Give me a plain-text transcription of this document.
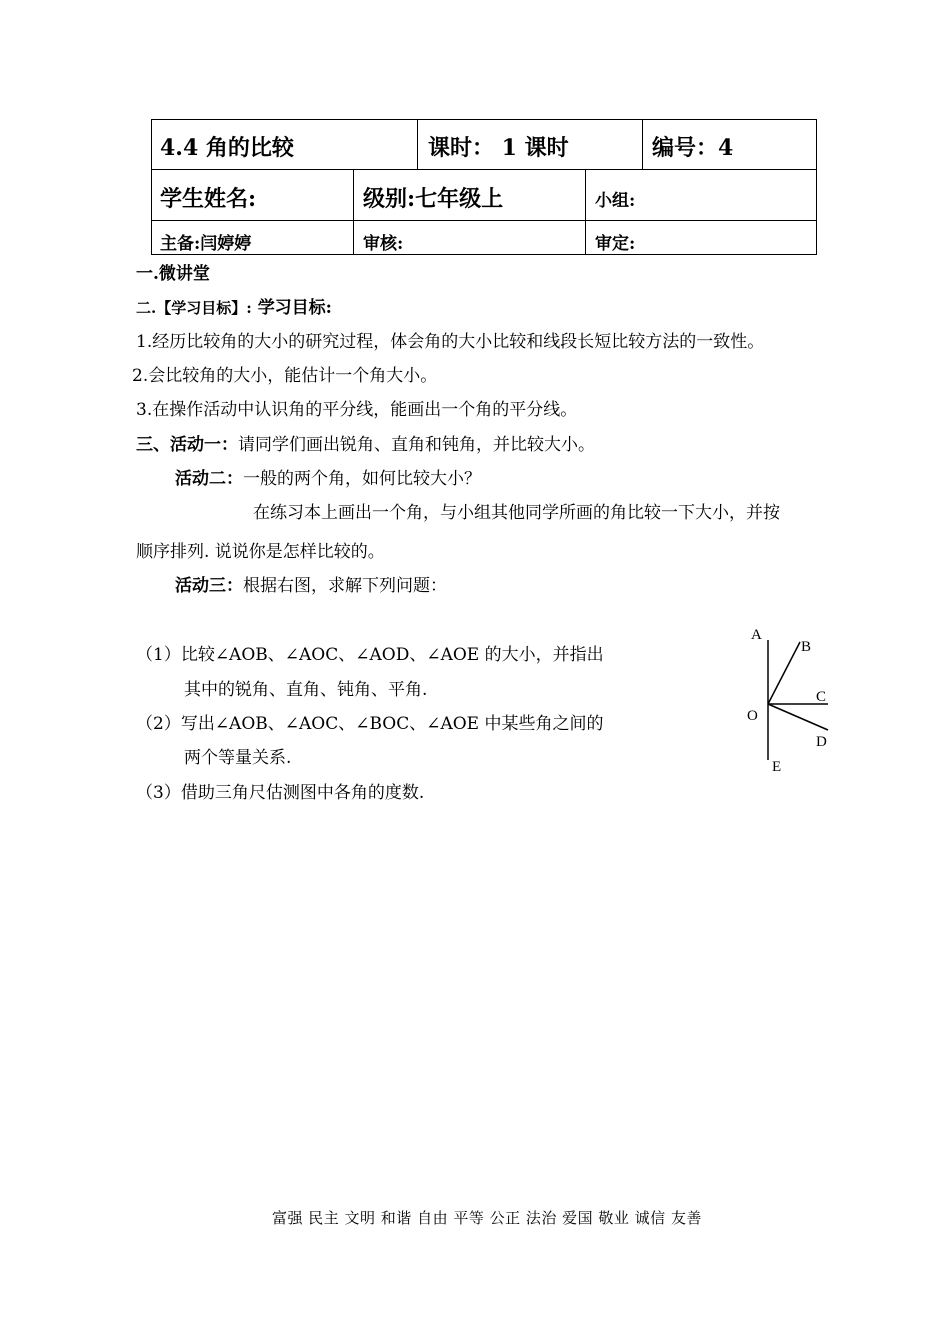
4.4 角的比较	课时： 1 课时	编号：4
学生姓名:	级别:七年级上	小组:
主备:闫婷婷	审核:	审定:
一.微讲堂
二.【学习目标】: 学习目标:
1.经历比较角的大小的研究过程，体会角的大小比较和线段长短比较方法的一致性。
2.会比较角的大小，能估计一个角大小。
3.在操作活动中认识角的平分线，能画出一个角的平分线。
三、活动一：请同学们画出锐角、直角和钝角，并比较大小。
活动二：一般的两个角，如何比较大小？
在练习本上画出一个角，与小组其他同学所画的角比较一下大小，并按
顺序排列. 说说你是怎样比较的。
活动三：根据右图，求解下列问题：
（1）比较∠AOB、∠AOC、∠AOD、∠AOE 的大小，并指出
其中的锐角、直角、钝角、平角.
（2）写出∠AOB、∠AOC、∠BOC、∠AOE 中某些角之间的
两个等量关系.
（3）借助三角尺估测图中各角的度数.
A
B
C
O
D
E
富强 民主 文明 和谐 自由 平等 公正 法治 爱国 敬业 诚信 友善
